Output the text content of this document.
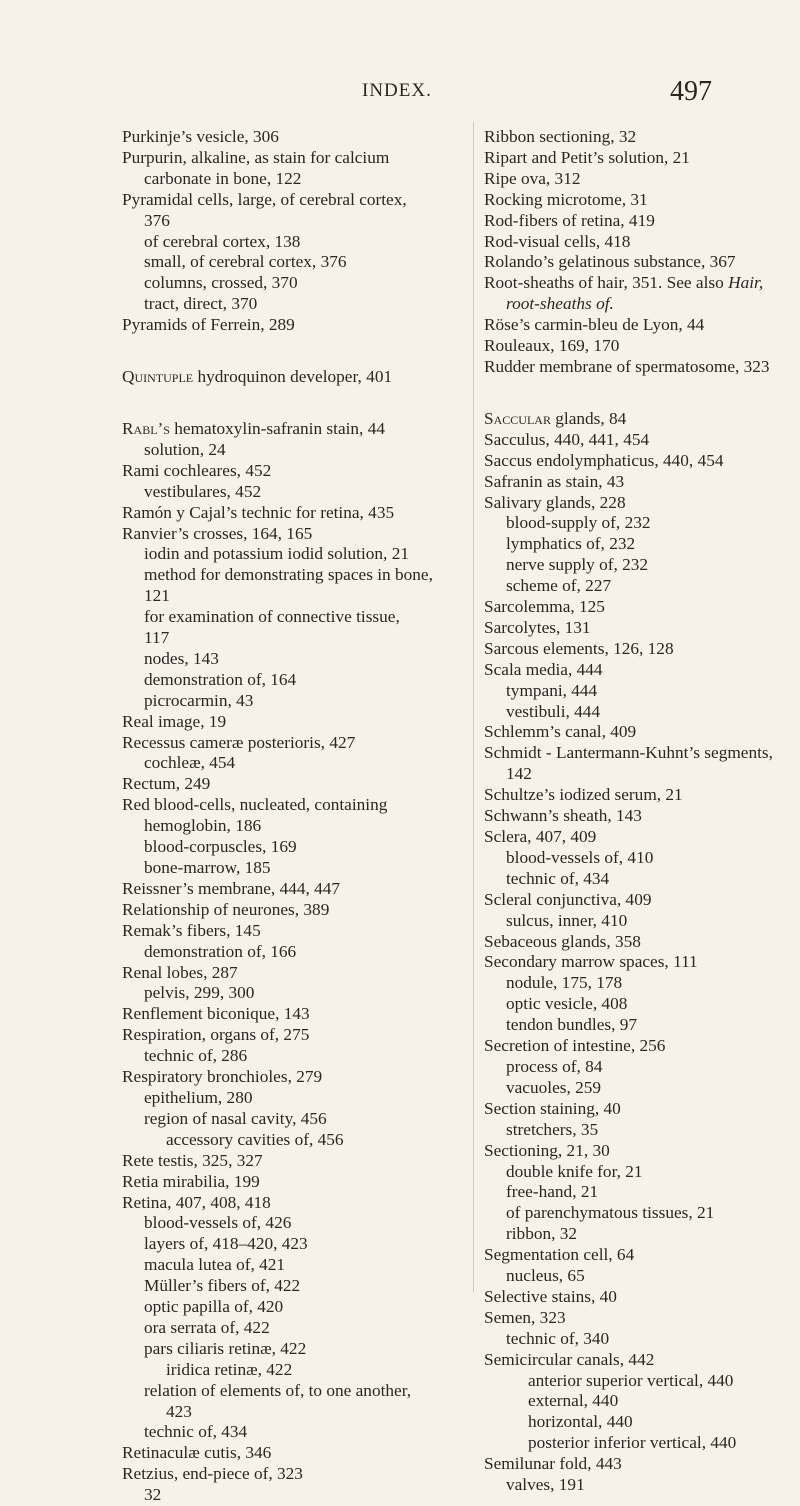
INDEX.	497
Purkinje’s vesicle, 306
Purpurin, alkaline, as stain for calcium
carbonate in bone, 122
Pyramidal cells, large, of cerebral cortex,
376
of cerebral cortex, 138
small, of cerebral cortex, 376
columns, crossed, 370
tract, direct, 370
Pyramids of Ferrein, 289
Quintuple hydroquinon developer, 401
Rabl’s hematoxylin-safranin stain, 44
solution, 24
Rami cochleares, 452
vestibulares, 452
Ramón y Cajal’s technic for retina, 435
Ranvier’s crosses, 164, 165
iodin and potassium iodid solution, 21
method for demonstrating spaces in bone,
121
for examination of connective tissue,
117
nodes, 143
demonstration of, 164
picrocarmin, 43
Real image, 19
Recessus cameræ posterioris, 427
cochleæ, 454
Rectum, 249
Red blood-cells, nucleated, containing
hemoglobin, 186
blood-corpuscles, 169
bone-marrow, 185
Reissner’s membrane, 444, 447
Relationship of neurones, 389
Remak’s fibers, 145
demonstration of, 166
Renal lobes, 287
pelvis, 299, 300
Renflement biconique, 143
Respiration, organs of, 275
technic of, 286
Respiratory bronchioles, 279
epithelium, 280
region of nasal cavity, 456
accessory cavities of, 456
Rete testis, 325, 327
Retia mirabilia, 199
Retina, 407, 408, 418
blood-vessels of, 426
layers of, 418–420, 423
macula lutea of, 421
Müller’s fibers of, 422
optic papilla of, 420
ora serrata of, 422
pars ciliaris retinæ, 422
iridica retinæ, 422
relation of elements of, to one another,
423
technic of, 434
Retinaculæ cutis, 346
Retzius, end-piece of, 323
32
Ribbon sectioning, 32
Ripart and Petit’s solution, 21
Ripe ova, 312
Rocking microtome, 31
Rod-fibers of retina, 419
Rod-visual cells, 418
Rolando’s gelatinous substance, 367
Root-sheaths of hair, 351. See also Hair,
root-sheaths of.
Röse’s carmin-bleu de Lyon, 44
Rouleaux, 169, 170
Rudder membrane of spermatosome, 323
Saccular glands, 84
Sacculus, 440, 441, 454
Saccus endolymphaticus, 440, 454
Safranin as stain, 43
Salivary glands, 228
blood-supply of, 232
lymphatics of, 232
nerve supply of, 232
scheme of, 227
Sarcolemma, 125
Sarcolytes, 131
Sarcous elements, 126, 128
Scala media, 444
tympani, 444
vestibuli, 444
Schlemm’s canal, 409
Schmidt - Lantermann-Kuhnt’s segments,
142
Schultze’s iodized serum, 21
Schwann’s sheath, 143
Sclera, 407, 409
blood-vessels of, 410
technic of, 434
Scleral conjunctiva, 409
sulcus, inner, 410
Sebaceous glands, 358
Secondary marrow spaces, 111
nodule, 175, 178
optic vesicle, 408
tendon bundles, 97
Secretion of intestine, 256
process of, 84
vacuoles, 259
Section staining, 40
stretchers, 35
Sectioning, 21, 30
double knife for, 21
free-hand, 21
of parenchymatous tissues, 21
ribbon, 32
Segmentation cell, 64
nucleus, 65
Selective stains, 40
Semen, 323
technic of, 340
Semicircular canals, 442
anterior superior vertical, 440
external, 440
horizontal, 440
posterior inferior vertical, 440
Semilunar fold, 443
valves, 191
